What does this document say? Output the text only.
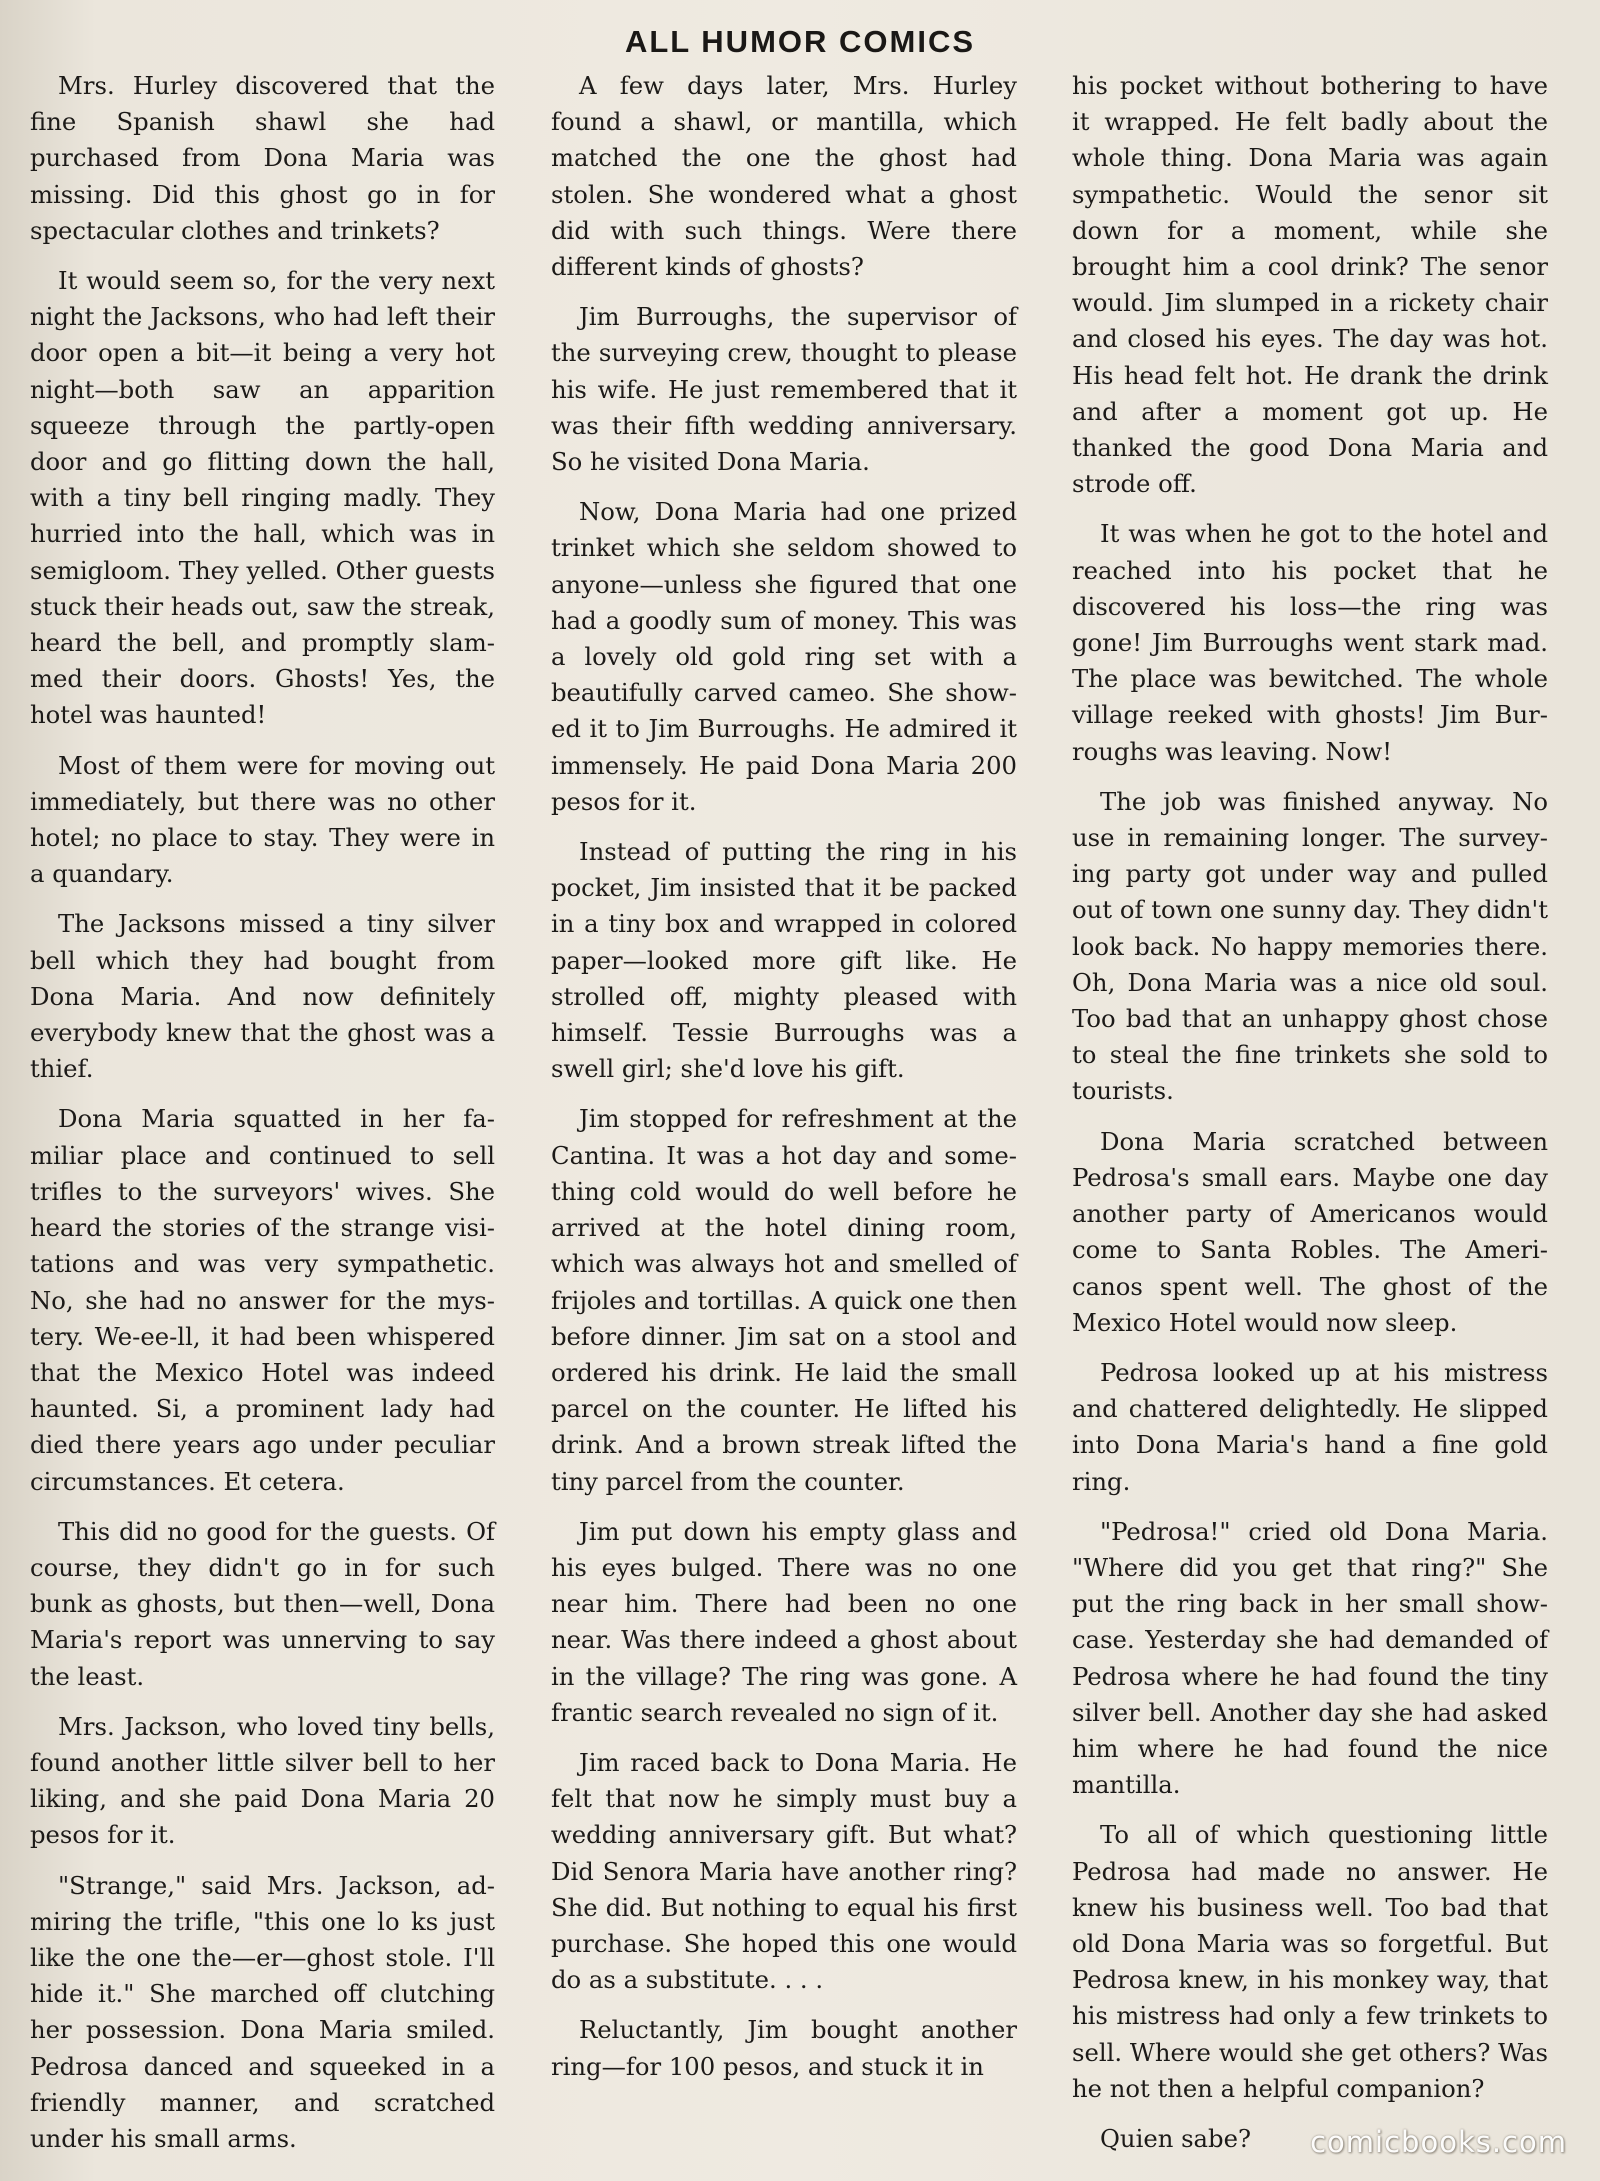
ALL HUMOR COMICS

Mrs. Hurley discovered that the fine Spanish shawl she had purchased from Dona Maria was missing. Did this ghost go in for spectacular clothes and trinkets?

It would seem so, for the very next night the Jacksons, who had left their door open a bit—it being a very hot night—both saw an apparition squeeze through the partly-open door and go flitting down the hall, with a tiny bell ringing madly. They hurried into the hall, which was in semigloom. They yelled. Other guests stuck their heads out, saw the streak, heard the bell, and promptly slammed their doors. Ghosts! Yes, the hotel was haunted!

Most of them were for moving out immediately, but there was no other hotel; no place to stay. They were in a quandary.

The Jacksons missed a tiny silver bell which they had bought from Dona Maria. And now definitely everybody knew that the ghost was a thief.

Dona Maria squatted in her familiar place and continued to sell trifles to the surveyors' wives. She heard the stories of the strange visitations and was very sympathetic. No, she had no answer for the mystery. We-ee-ll, it had been whispered that the Mexico Hotel was indeed haunted. Si, a prominent lady had died there years ago under peculiar circumstances. Et cetera.

This did no good for the guests. Of course, they didn't go in for such bunk as ghosts, but then—well, Dona Maria's report was unnerving to say the least.

Mrs. Jackson, who loved tiny bells, found another little silver bell to her liking, and she paid Dona Maria 20 pesos for it.

"Strange," said Mrs. Jackson, admiring the trifle, "this one lo ks just like the one the—er—ghost stole. I'll hide it." She marched off clutching her possession. Dona Maria smiled. Pedrosa danced and squeeked in a friendly manner, and scratched under his small arms.

A few days later, Mrs. Hurley found a shawl, or mantilla, which matched the one the ghost had stolen. She wondered what a ghost did with such things. Were there different kinds of ghosts?

Jim Burroughs, the supervisor of the surveying crew, thought to please his wife. He just remembered that it was their fifth wedding anniversary. So he visited Dona Maria.

Now, Dona Maria had one prized trinket which she seldom showed to anyone—unless she figured that one had a goodly sum of money. This was a lovely old gold ring set with a beautifully carved cameo. She showed it to Jim Burroughs. He admired it immensely. He paid Dona Maria 200 pesos for it.

Instead of putting the ring in his pocket, Jim insisted that it be packed in a tiny box and wrapped in colored paper—looked more gift like. He strolled off, mighty pleased with himself. Tessie Burroughs was a swell girl; she'd love his gift.

Jim stopped for refreshment at the Cantina. It was a hot day and something cold would do well before he arrived at the hotel dining room, which was always hot and smelled of frijoles and tortillas. A quick one then before dinner. Jim sat on a stool and ordered his drink. He laid the small parcel on the counter. He lifted his drink. And a brown streak lifted the tiny parcel from the counter.

Jim put down his empty glass and his eyes bulged. There was no one near him. There had been no one near. Was there indeed a ghost about in the village? The ring was gone. A frantic search revealed no sign of it.

Jim raced back to Dona Maria. He felt that now he simply must buy a wedding anniversary gift. But what? Did Senora Maria have another ring? She did. But nothing to equal his first purchase. She hoped this one would do as a substitute. . . .

Reluctantly, Jim bought another ring—for 100 pesos, and stuck it in

his pocket without bothering to have it wrapped. He felt badly about the whole thing. Dona Maria was again sympathetic. Would the senor sit down for a moment, while she brought him a cool drink? The senor would. Jim slumped in a rickety chair and closed his eyes. The day was hot. His head felt hot. He drank the drink and after a moment got up. He thanked the good Dona Maria and strode off.

It was when he got to the hotel and reached into his pocket that he discovered his loss—the ring was gone! Jim Burroughs went stark mad. The place was bewitched. The whole village reeked with ghosts! Jim Burroughs was leaving. Now!

The job was finished anyway. No use in remaining longer. The surveying party got under way and pulled out of town one sunny day. They didn't look back. No happy memories there. Oh, Dona Maria was a nice old soul. Too bad that an unhappy ghost chose to steal the fine trinkets she sold to tourists.

Dona Maria scratched between Pedrosa's small ears. Maybe one day another party of Americanos would come to Santa Robles. The Americanos spent well. The ghost of the Mexico Hotel would now sleep.

Pedrosa looked up at his mistress and chattered delightedly. He slipped into Dona Maria's hand a fine gold ring.

"Pedrosa!" cried old Dona Maria. "Where did you get that ring?" She put the ring back in her small showcase. Yesterday she had demanded of Pedrosa where he had found the tiny silver bell. Another day she had asked him where he had found the nice mantilla.

To all of which questioning little Pedrosa had made no answer. He knew his business well. Too bad that old Dona Maria was so forgetful. But Pedrosa knew, in his monkey way, that his mistress had only a few trinkets to sell. Where would she get others? Was he not then a helpful companion?

Quien sabe?	comicbooks.com
